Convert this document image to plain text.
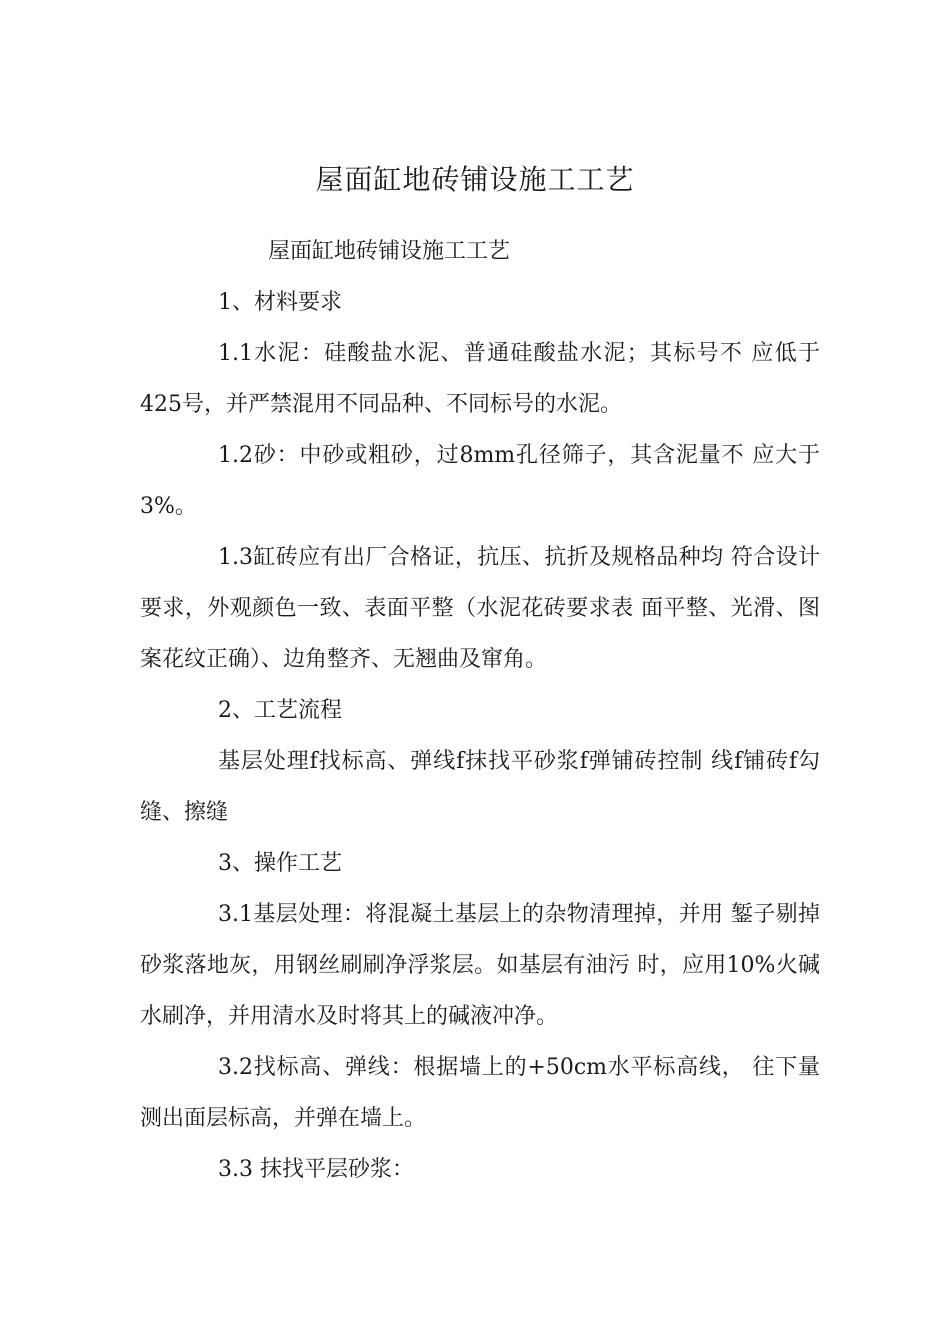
屋面缸地砖铺设施工工艺

屋面缸地砖铺设施工工艺

1、材料要求

1.1水泥：硅酸盐水泥、普通硅酸盐水泥；其标号不 应低于425号，并严禁混用不同品种、不同标号的水泥。

1.2砂：中砂或粗砂，过8mm孔径筛子，其含泥量不 应大于3%。

1.3缸砖应有出厂合格证，抗压、抗折及规格品种均 符合设计要求，外观颜色一致、表面平整（水泥花砖要求表 面平整、光滑、图案花纹正确）、边角整齐、无翘曲及窜角。

2、工艺流程

基层处理f找标高、弹线f抹找平砂浆f弹铺砖控制 线f铺砖f勾缝、擦缝

3、操作工艺

3.1基层处理：将混凝土基层上的杂物清理掉，并用 錾子剔掉砂浆落地灰，用钢丝刷刷净浮浆层。如基层有油污 时，应用10%火碱水刷净，并用清水及时将其上的碱液冲净。

3.2找标高、弹线：根据墙上的+50cm水平标高线， 往下量测出面层标高，并弹在墙上。

3.3 抹找平层砂浆：
